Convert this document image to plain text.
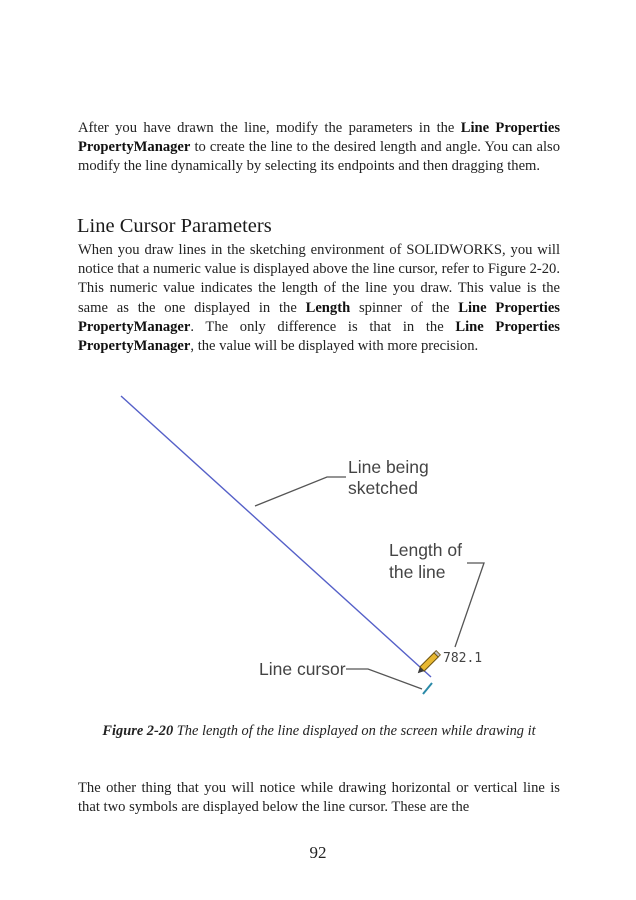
After you have drawn the line, modify the parameters in the Line Properties PropertyManager to create the line to the desired length and angle. You can also modify the line dynamically by selecting its endpoints and then dragging them.

Line Cursor Parameters

When you draw lines in the sketching environment of SOLIDWORKS, you will notice that a numeric value is displayed above the line cursor, refer to Figure 2-20. This numeric value indicates the length of the line you draw. This value is the same as the one displayed in the Length spinner of the Line Properties PropertyManager. The only difference is that in the Line Properties PropertyManager, the value will be displayed with more precision.

Line being
sketched
Length of
the line
782.1
Line cursor

Figure 2-20 The length of the line displayed on the screen while drawing it

The other thing that you will notice while drawing horizontal or vertical line is that two symbols are displayed below the line cursor. These are the

92
